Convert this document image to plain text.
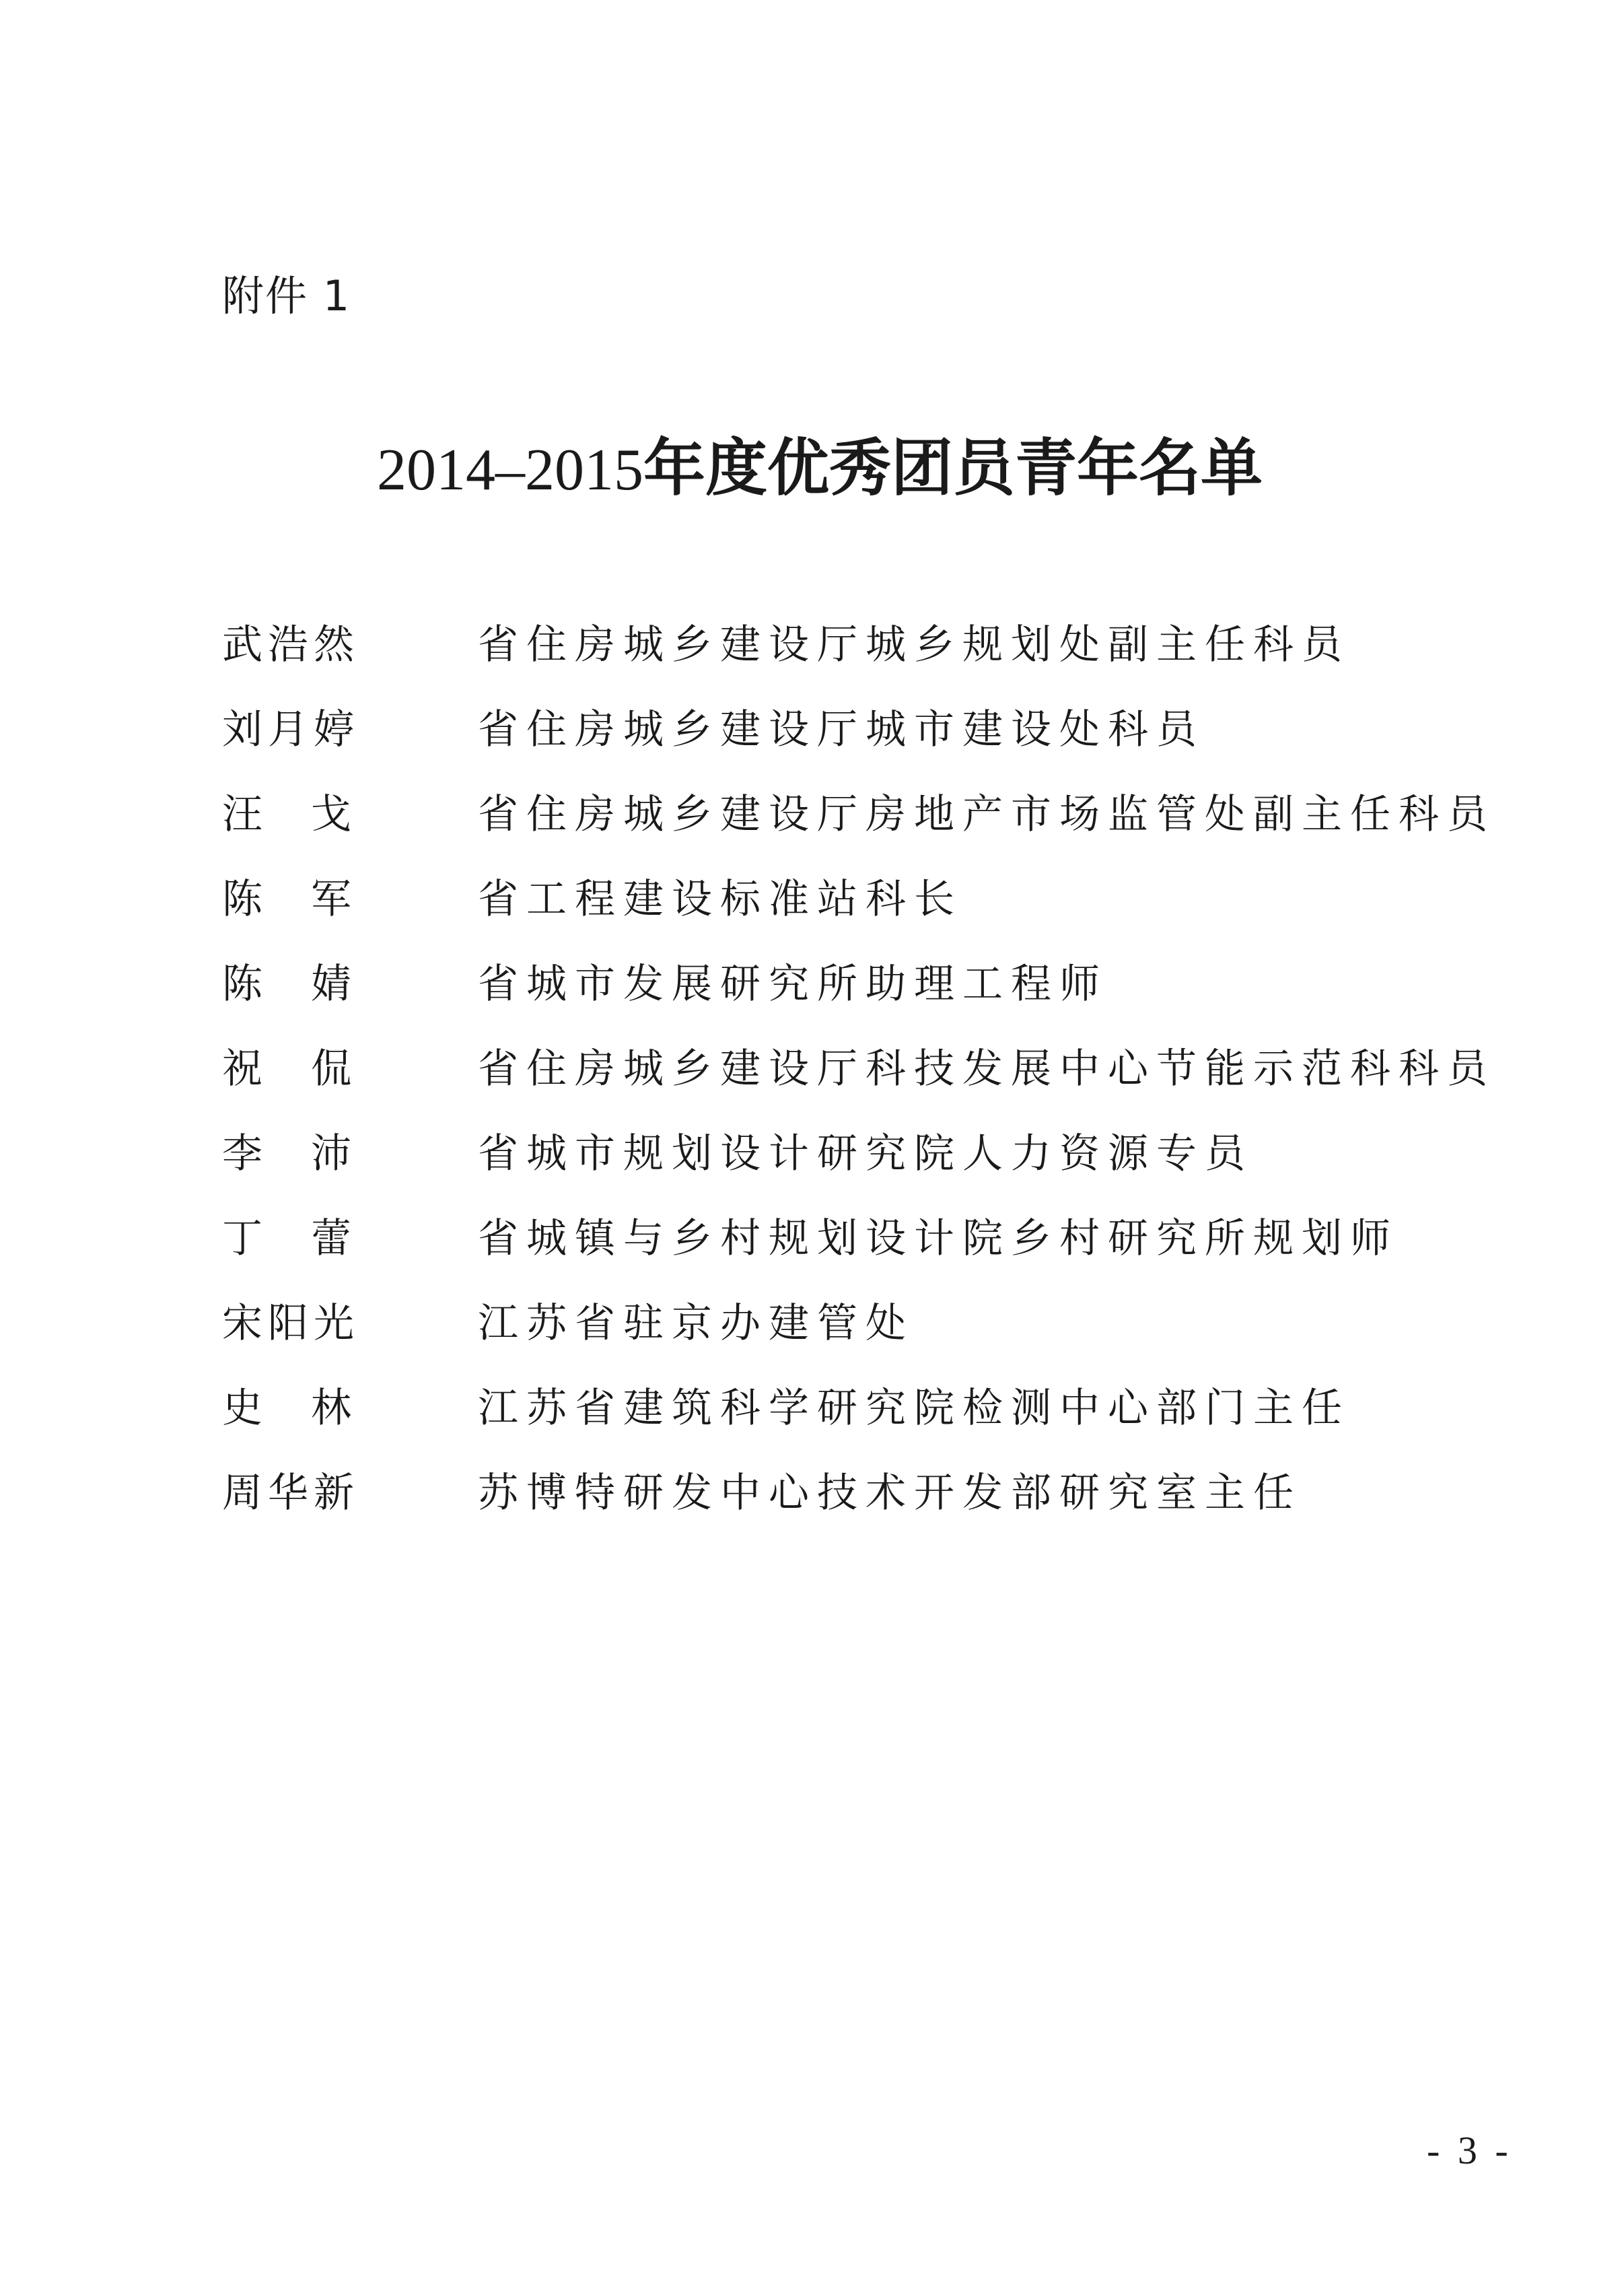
附件 1
2014–2015年度优秀团员青年名单
武浩然	省住房城乡建设厅城乡规划处副主任科员
刘月婷	省住房城乡建设厅城市建设处科员
汪 戈	省住房城乡建设厅房地产市场监管处副主任科员
陈 军	省工程建设标准站科长
陈 婧	省城市发展研究所助理工程师
祝 侃	省住房城乡建设厅科技发展中心节能示范科科员
李 沛	省城市规划设计研究院人力资源专员
丁 蕾	省城镇与乡村规划设计院乡村研究所规划师
宋阳光	江苏省驻京办建管处
史 林	江苏省建筑科学研究院检测中心部门主任
周华新	苏博特研发中心技术开发部研究室主任
- 3 -
